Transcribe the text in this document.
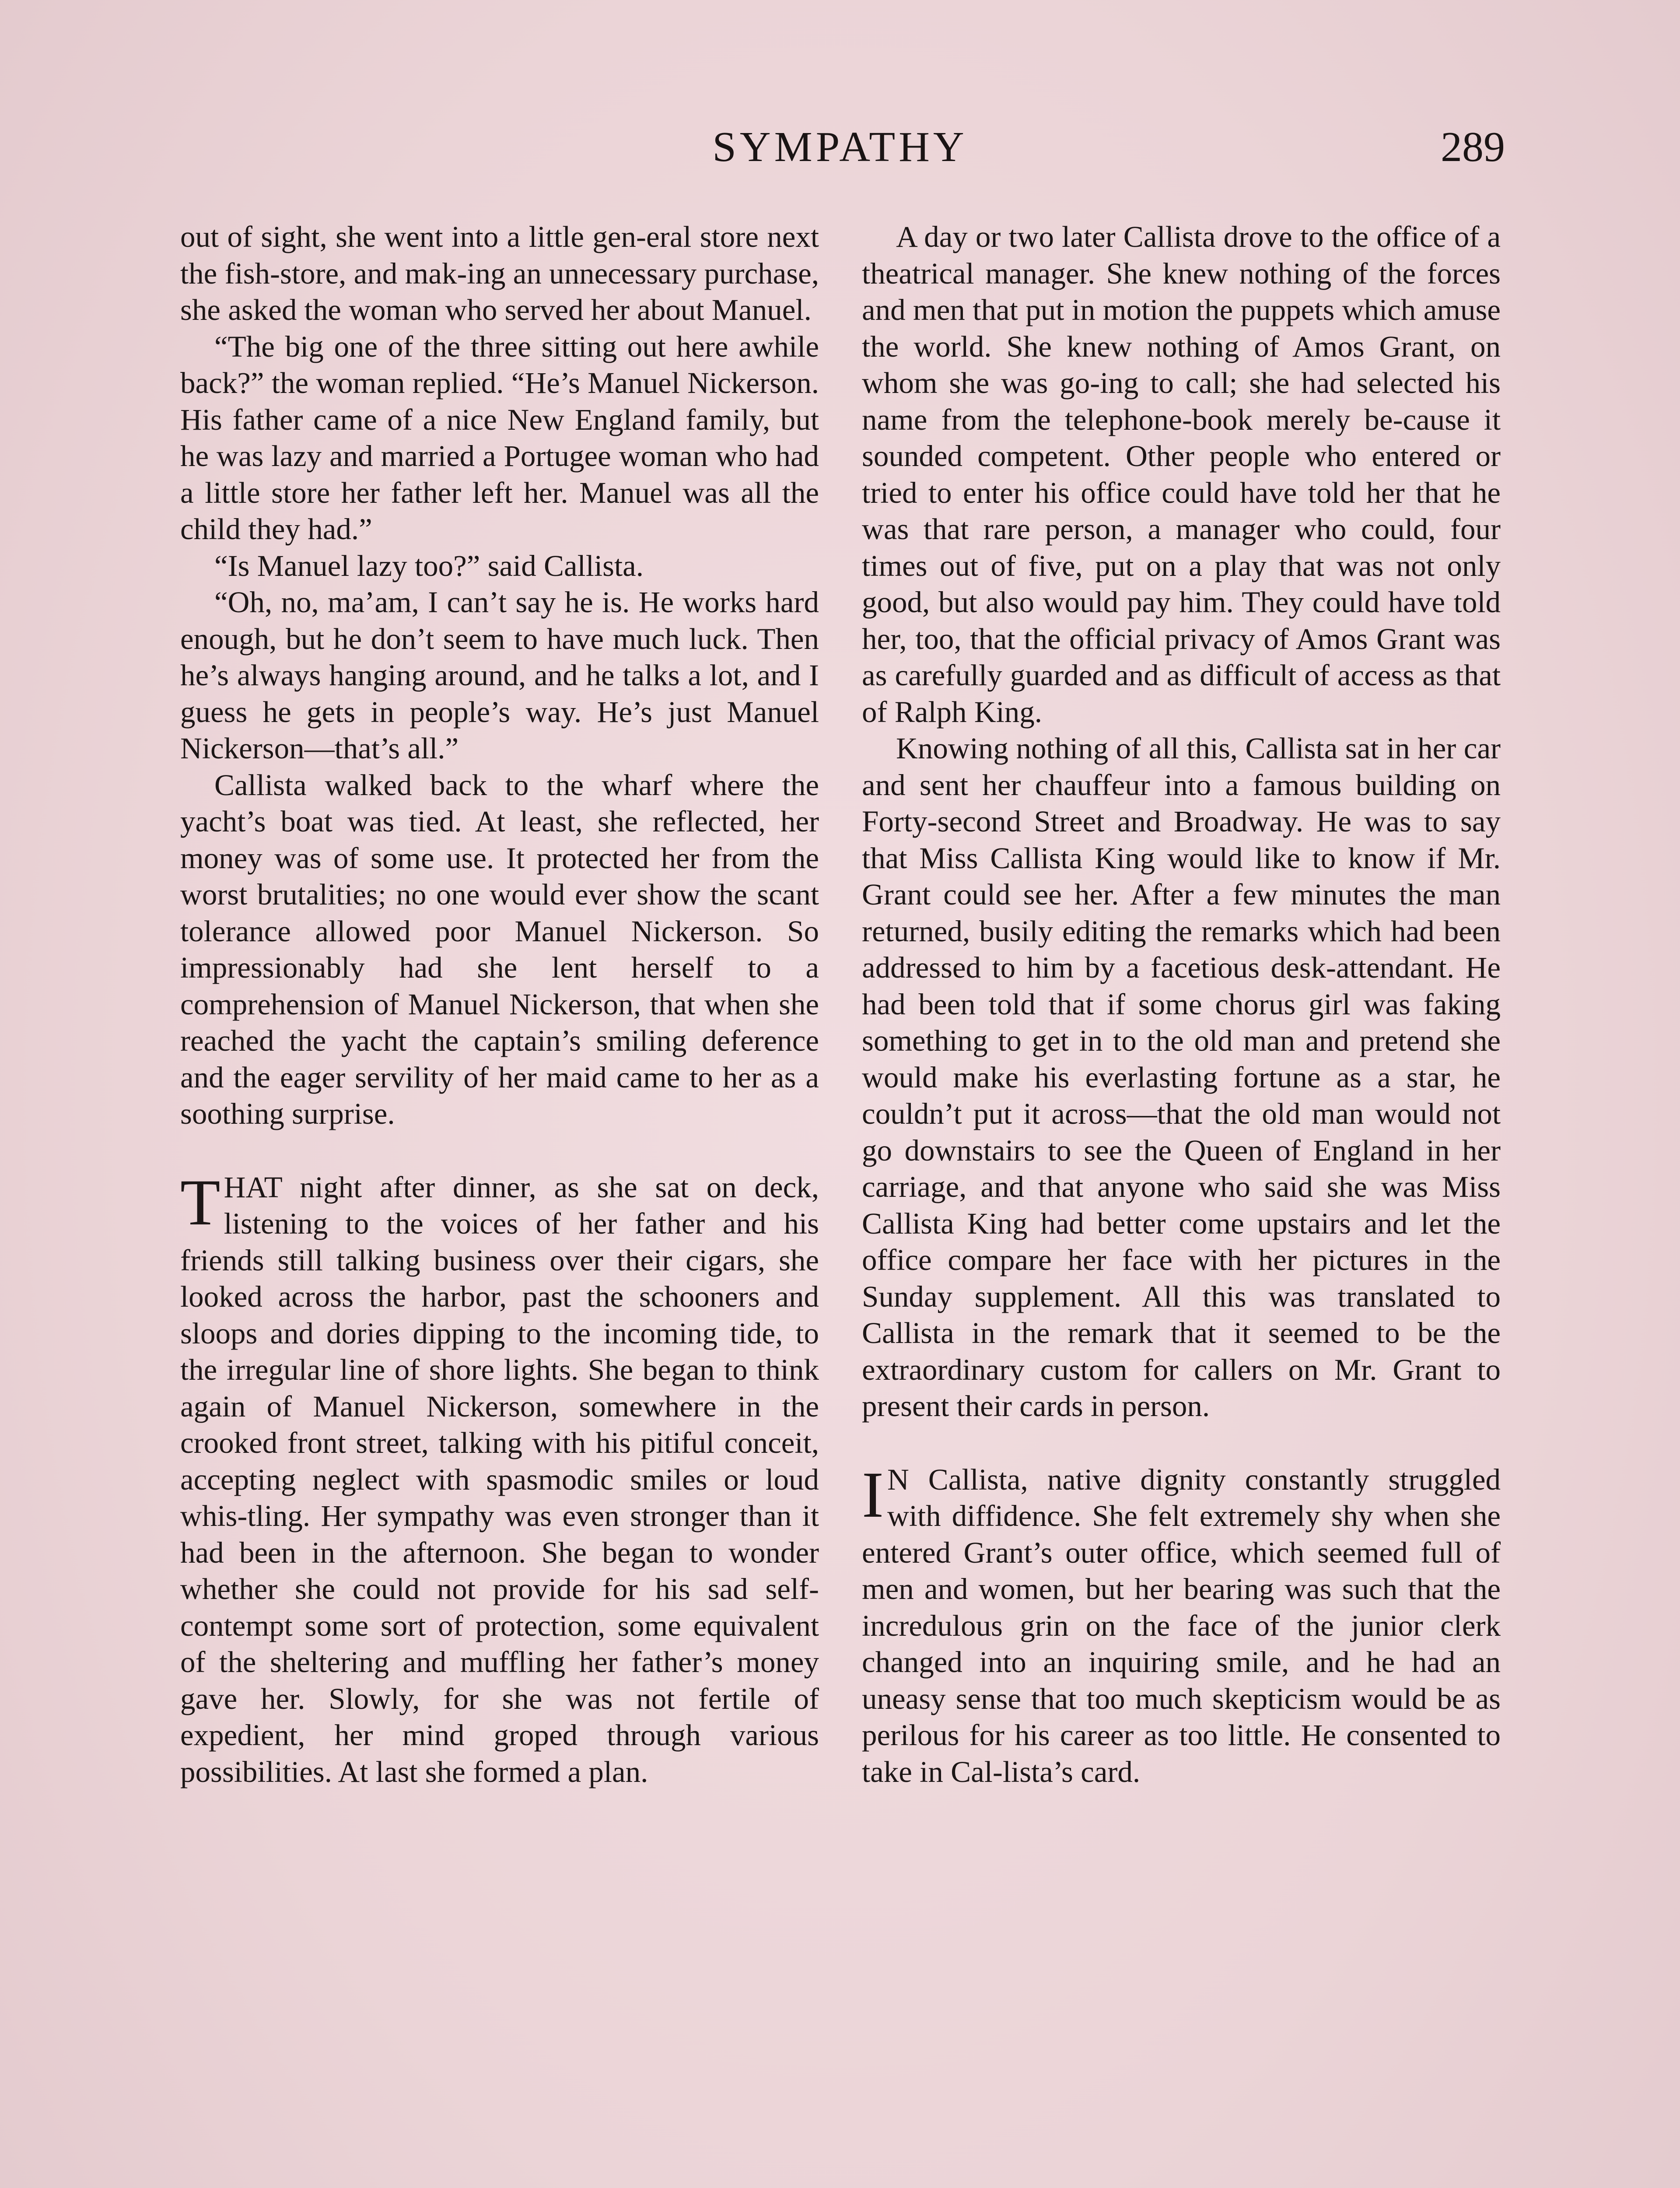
SYMPATHY	289

out of sight, she went into a little gen-eral store next the fish-store, and mak-ing an unnecessary purchase, she asked the woman who served her about Manuel.

“The big one of the three sitting out here awhile back?” the woman replied. “He’s Manuel Nickerson. His father came of a nice New England family, but he was lazy and married a Portugee woman who had a little store her father left her. Manuel was all the child they had.”

“Is Manuel lazy too?” said Callista.

“Oh, no, ma’am, I can’t say he is. He works hard enough, but he don’t seem to have much luck. Then he’s always hanging around, and he talks a lot, and I guess he gets in people’s way. He’s just Manuel Nickerson—that’s all.”

Callista walked back to the wharf where the yacht’s boat was tied. At least, she reflected, her money was of some use. It protected her from the worst brutalities; no one would ever show the scant tolerance allowed poor Manuel Nickerson. So impressionably had she lent herself to a comprehension of Manuel Nickerson, that when she reached the yacht the captain’s smiling deference and the eager servility of her maid came to her as a soothing surprise.

THAT night after dinner, as she sat on deck, listening to the voices of her father and his friends still talking business over their cigars, she looked across the harbor, past the schooners and sloops and dories dipping to the incoming tide, to the irregular line of shore lights. She began to think again of Manuel Nickerson, somewhere in the crooked front street, talking with his pitiful conceit, accepting neglect with spasmodic smiles or loud whis-tling. Her sympathy was even stronger than it had been in the afternoon. She began to wonder whether she could not provide for his sad self-contempt some sort of protection, some equivalent of the sheltering and muffling her father’s money gave her. Slowly, for she was not fertile of expedient, her mind groped through various possibilities. At last she formed a plan.

A day or two later Callista drove to the office of a theatrical manager. She knew nothing of the forces and men that put in motion the puppets which amuse the world. She knew nothing of Amos Grant, on whom she was go-ing to call; she had selected his name from the telephone-book merely be-cause it sounded competent. Other people who entered or tried to enter his office could have told her that he was that rare person, a manager who could, four times out of five, put on a play that was not only good, but also would pay him. They could have told her, too, that the official privacy of Amos Grant was as carefully guarded and as difficult of access as that of Ralph King.

Knowing nothing of all this, Callista sat in her car and sent her chauffeur into a famous building on Forty-second Street and Broadway. He was to say that Miss Callista King would like to know if Mr. Grant could see her. After a few minutes the man returned, busily editing the remarks which had been addressed to him by a facetious desk-attendant. He had been told that if some chorus girl was faking something to get in to the old man and pretend she would make his everlasting fortune as a star, he couldn’t put it across—that the old man would not go downstairs to see the Queen of England in her carriage, and that anyone who said she was Miss Callista King had better come upstairs and let the office compare her face with her pictures in the Sunday supplement. All this was translated to Callista in the remark that it seemed to be the extraordinary custom for callers on Mr. Grant to present their cards in person.

I N Callista, native dignity constantly struggled with diffidence. She felt extremely shy when she entered Grant’s outer office, which seemed full of men and women, but her bearing was such that the incredulous grin on the face of the junior clerk changed into an inquiring smile, and he had an uneasy sense that too much skepticism would be as perilous for his career as too little. He consented to take in Cal-lista’s card.
